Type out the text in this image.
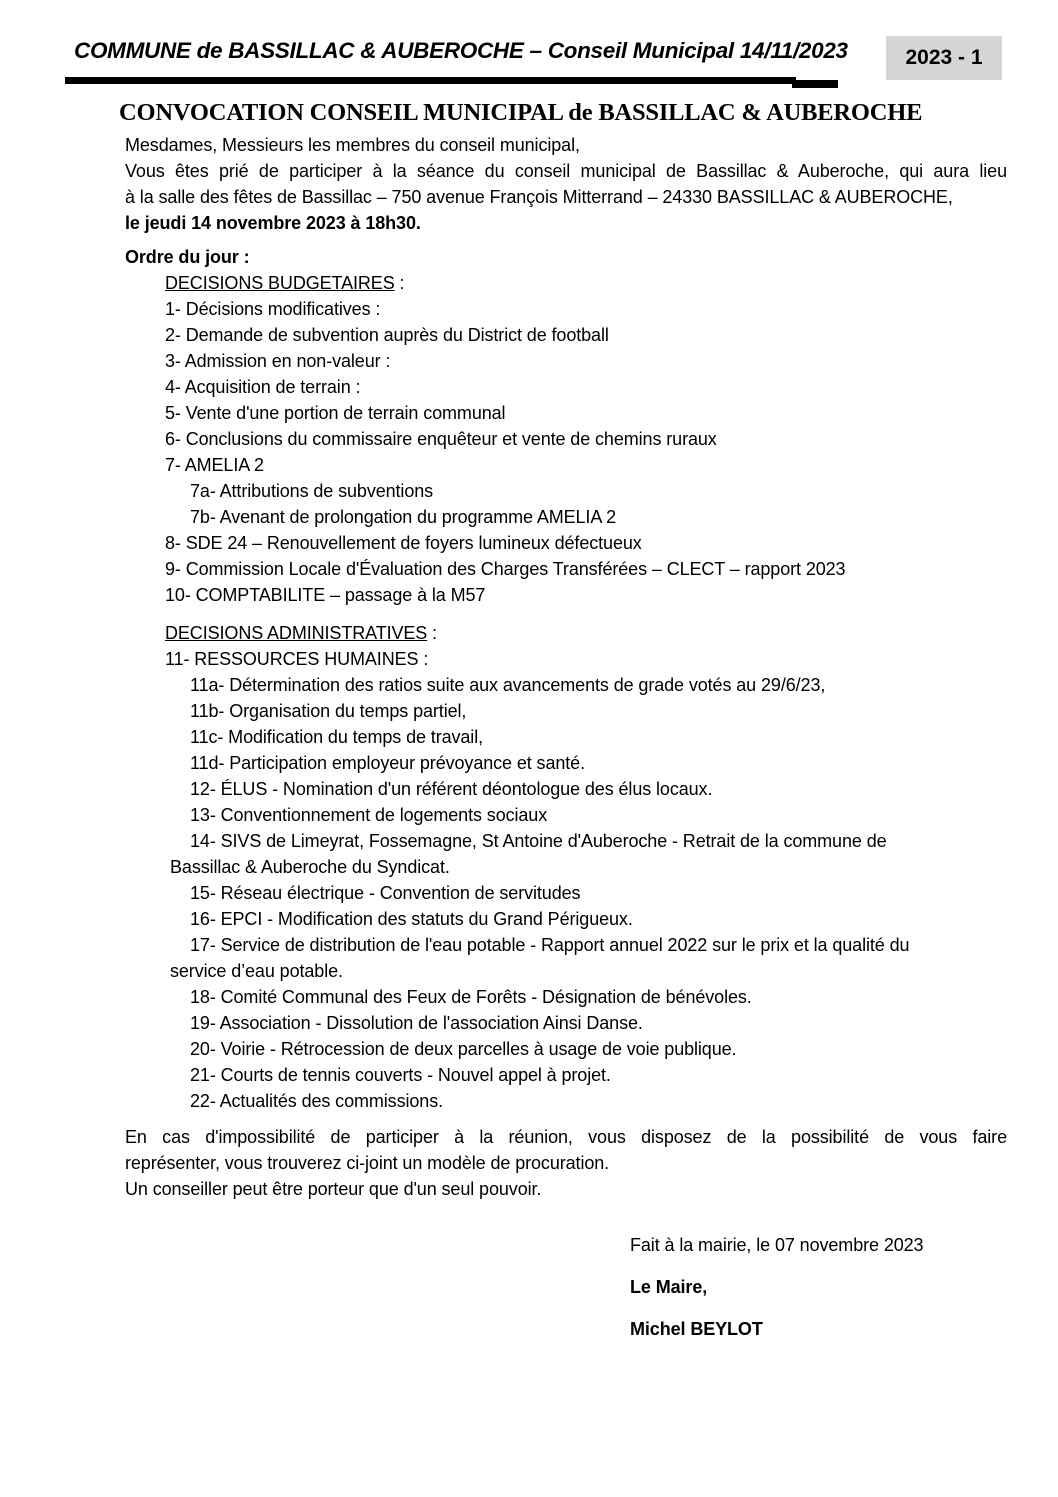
COMMUNE de BASSILLAC & AUBEROCHE – Conseil Municipal 14/11/2023	2023 - 1
CONVOCATION CONSEIL MUNICIPAL de BASSILLAC & AUBEROCHE
Mesdames, Messieurs les membres du conseil municipal,
Vous êtes prié de participer à la séance du conseil municipal de Bassillac & Auberoche, qui aura lieu
à la salle des fêtes de Bassillac – 750 avenue François Mitterrand – 24330 BASSILLAC & AUBEROCHE,
le jeudi 14 novembre 2023 à 18h30.
Ordre du jour :
DECISIONS BUDGETAIRES :
1- Décisions modificatives :
2- Demande de subvention auprès du District de football
3- Admission en non-valeur :
4- Acquisition de terrain :
5- Vente d'une portion de terrain communal
6- Conclusions du commissaire enquêteur et vente de chemins ruraux
7- AMELIA 2
7a- Attributions de subventions
7b- Avenant de prolongation du programme AMELIA 2
8- SDE 24 – Renouvellement de foyers lumineux défectueux
9- Commission Locale d'Évaluation des Charges Transférées – CLECT – rapport 2023
10- COMPTABILITE – passage à la M57
DECISIONS ADMINISTRATIVES :
11- RESSOURCES HUMAINES :
11a- Détermination des ratios suite aux avancements de grade votés au 29/6/23,
11b- Organisation du temps partiel,
11c- Modification du temps de travail,
11d- Participation employeur prévoyance et santé.
12- ÉLUS - Nomination d'un référent déontologue des élus locaux.
13- Conventionnement de logements sociaux
14- SIVS de Limeyrat, Fossemagne, St Antoine d'Auberoche - Retrait de la commune de
Bassillac & Auberoche du Syndicat.
15- Réseau électrique - Convention de servitudes
16- EPCI - Modification des statuts du Grand Périgueux.
17- Service de distribution de l'eau potable - Rapport annuel 2022 sur le prix et la qualité du
service d’eau potable.
18- Comité Communal des Feux de Forêts - Désignation de bénévoles.
19- Association - Dissolution de l'association Ainsi Danse.
20- Voirie - Rétrocession de deux parcelles à usage de voie publique.
21- Courts de tennis couverts - Nouvel appel à projet.
22- Actualités des commissions.
En cas d'impossibilité de participer à la réunion, vous disposez de la possibilité de vous faire
représenter, vous trouverez ci-joint un modèle de procuration.
Un conseiller peut être porteur que d'un seul pouvoir.
Fait à la mairie, le 07 novembre 2023
Le Maire,
Michel BEYLOT
